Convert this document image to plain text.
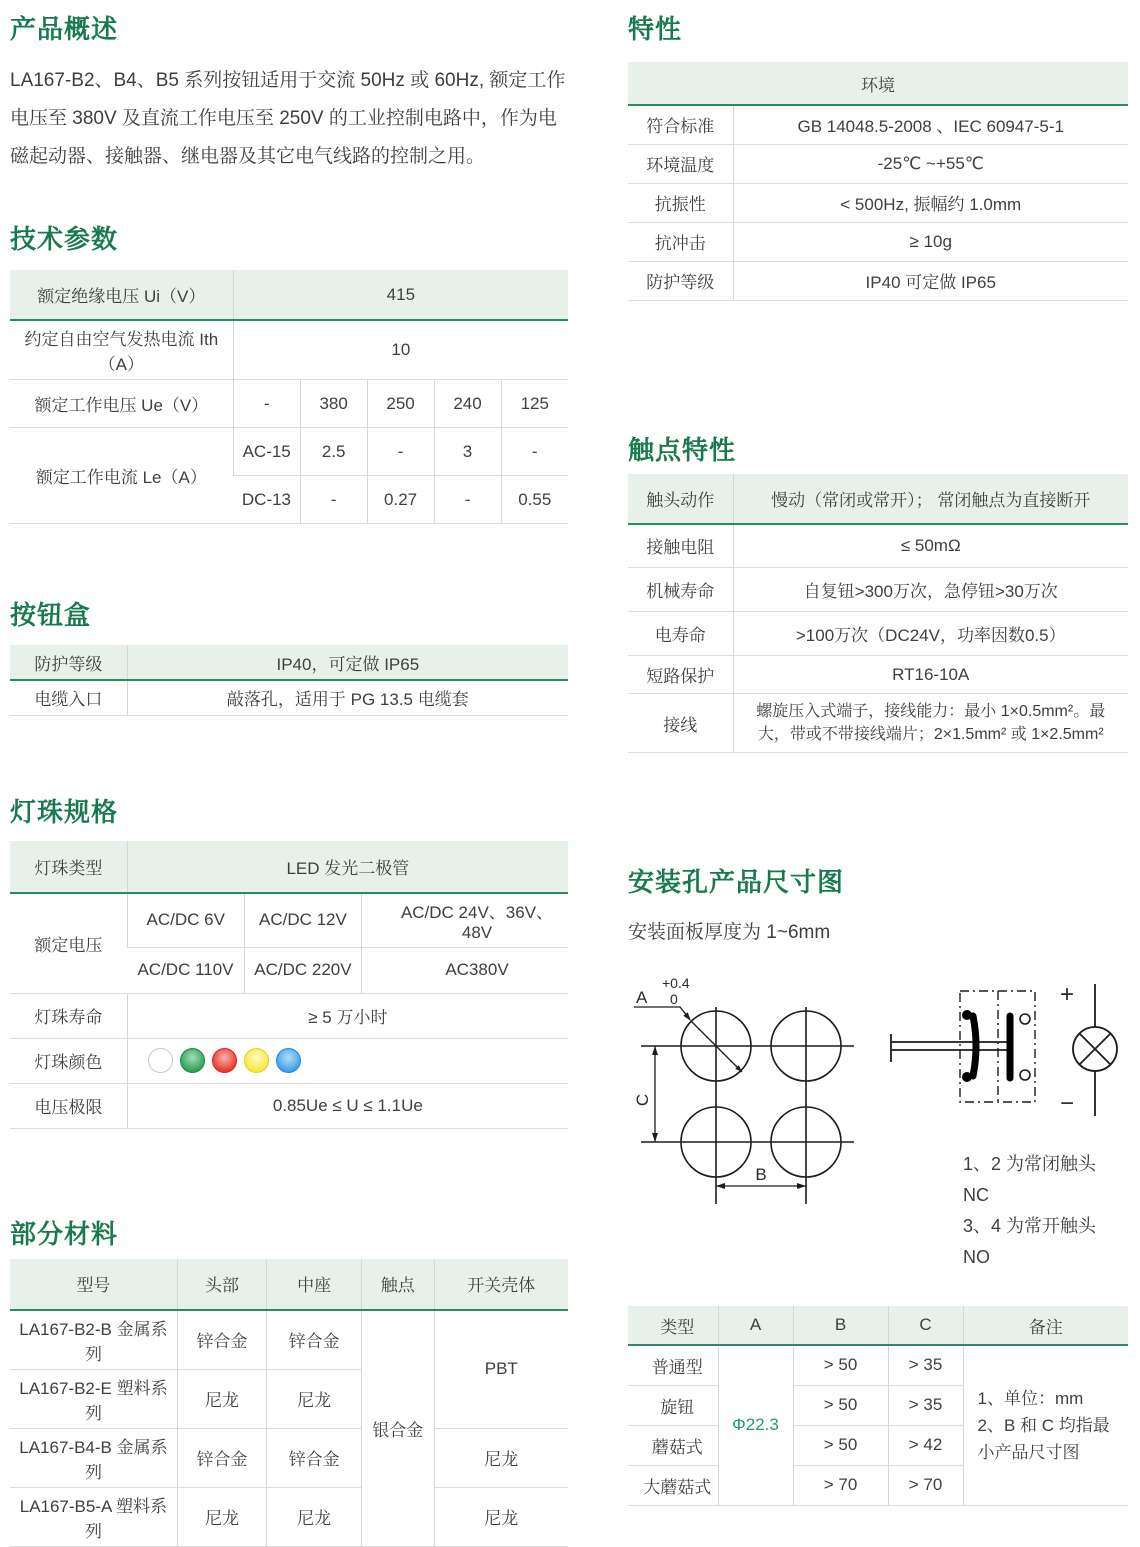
产品概述
LA167-B2、B4、B5 系列按钮适用于交流 50Hz 或 60Hz, 额定工作电压至 380V 及直流工作电压至 250V 的工业控制电路中，作为电磁起动器、接触器、继电器及其它电气线路的控制之用。
技术参数
额定绝缘电压 Ui（V）	415				
约定自由空气发热电流 Ith（A）	10				
额定工作电压 Ue（V）	-	380	250	240	125
额定工作电流 Le（A）	AC-15	2.5	-	3	-
	DC-13	-	0.27	-	0.55
按钮盒
防护等级	IP40，可定做 IP65
电缆入口	敲落孔，适用于 PG 13.5 电缆套
灯珠规格
灯珠类型	LED 发光二极管		
额定电压	AC/DC 6V	AC/DC 12V	AC/DC 24V、36V、48V
	AC/DC 110V	AC/DC 220V	AC380V
灯珠寿命	≥ 5 万小时		
灯珠颜色			

电压极限	0.85Ue ≤ U ≤ 1.1Ue		
部分材料
型号	头部	中座	触点	开关壳体
LA167-B2-B 金属系列	锌合金	锌合金	银合金	PBT
LA167-B2-E 塑料系列	尼龙	尼龙		
LA167-B4-B 金属系列	锌合金	锌合金		尼龙
LA167-B5-A 塑料系列	尼龙	尼龙		尼龙
特性
环境	
符合标准	GB 14048.5-2008 、IEC 60947-5-1
环境温度	-25℃ ~+55℃
抗振性	< 500Hz, 振幅约 1.0mm
抗冲击	≥ 10g
防护等级	IP40 可定做 IP65
触点特性
触头动作	慢动（常闭或常开）； 常闭触点为直接断开
接触电阻	≤ 50mΩ
机械寿命	自复钮>300万次，急停钮>30万次
电寿命	>100万次（DC24V，功率因数0.5）
短路保护	RT16-10A
接线	螺旋压入式端子，接线能力：最小 1×0.5mm²。最大，带或不带接线端片；2×1.5mm² 或 1×2.5mm²
安装孔产品尺寸图
安装面板厚度为 1~6mm
A
+0.4
0
C
B
+
−
1、2 为常闭触头 NC
3、4 为常开触头 NO
类型	A	B	C	备注
普通型	Φ22.3	> 50	> 35	1、单位：mm
2、B 和 C 均指最小产品尺寸图

旋钮		> 50	> 35	
蘑菇式		> 50	> 42	
大蘑菇式		> 70	> 70	
